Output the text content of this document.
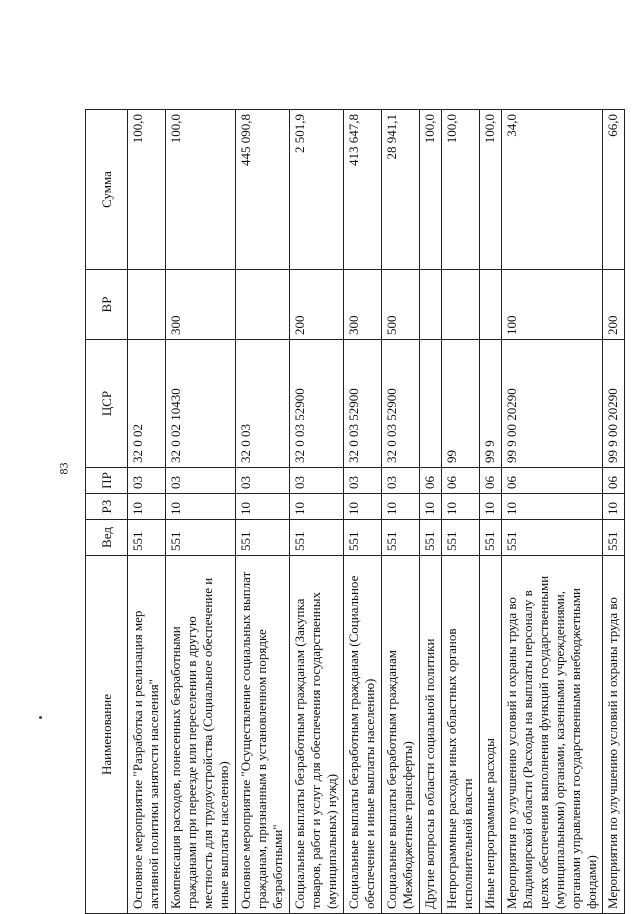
83
Наименование	Вед	РЗ	ПР	ЦСР	ВР	Сумма
Основное мероприятие "Разработка и реализация мер активной политики занятости населения"	551	10	03	32 0 02		100,0
Компенсация расходов, понесенных безработными гражданами при переезде или переселении в другую местность для трудоустройства (Социальное обеспечение и иные выплаты населению)	551	10	03	32 0 02 10430	300	100,0
Основное мероприятие "Осуществление социальных выплат гражданам, признанным в установленном порядке безработными"	551	10	03	32 0 03		445 090,8
Социальные выплаты безработным гражданам (Закупка товаров, работ и услуг для обеспечения государственных (муниципальных) нужд)	551	10	03	32 0 03 52900	200	2 501,9
Социальные выплаты безработным гражданам (Социальное обеспечение и иные выплаты населению)	551	10	03	32 0 03 52900	300	413 647,8
Социальные выплаты безработным гражданам (Межбюджетные трансферты)	551	10	03	32 0 03 52900	500	28 941,1
Другие вопросы в области социальной политики	551	10	06			100,0
Непрограммные расходы иных областных органов исполнительной власти	551	10	06	99		100,0
Иные непрограммные расходы	551	10	06	99 9		100,0
Мероприятия по улучшению условий и охраны труда во Владимирской области (Расходы на выплаты персоналу в целях обеспечения выполнения функций государственными (муниципальными) органами, казенными учреждениями, органами управления государственными внебюджетными фондами)	551	10	06	99 9 00 20290	100	34,0
Мероприятия по улучшению условий и охраны труда во	551	10	06	99 9 00 20290	200	66,0
